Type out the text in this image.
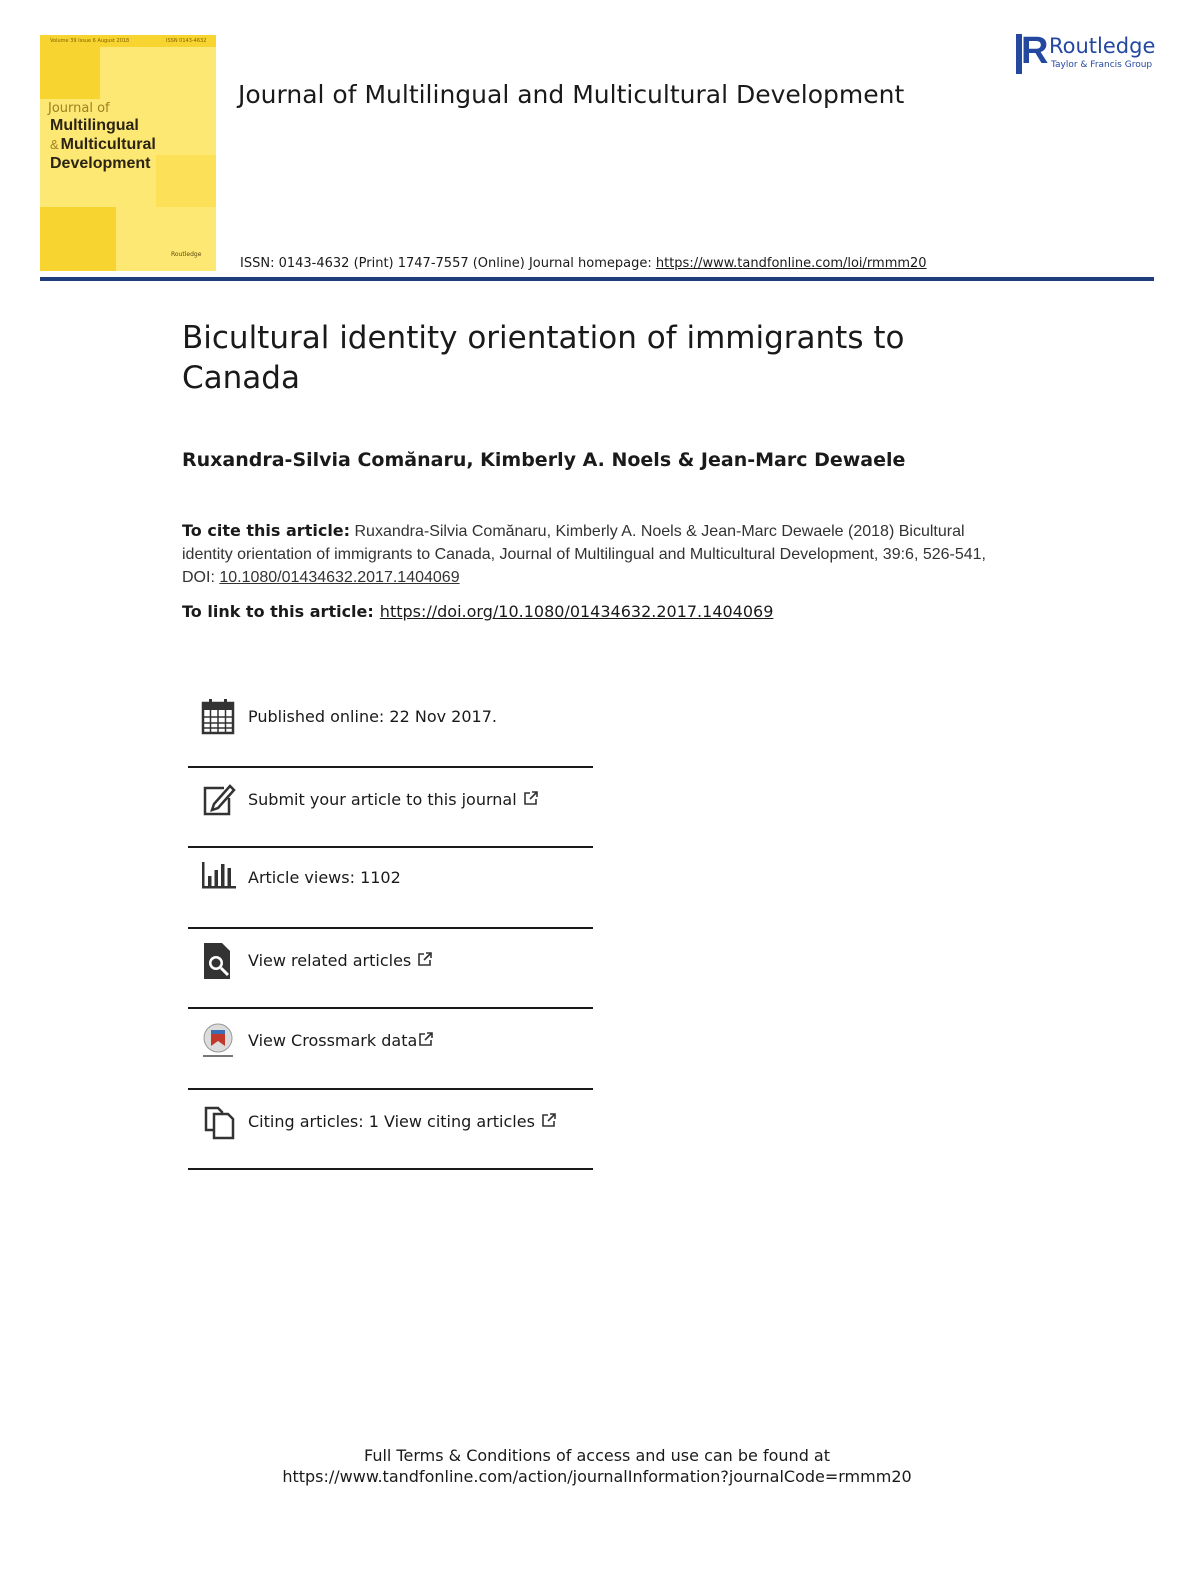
Volume 39 Issue 6 August 2018	ISSN 0143-4632
Journal of
Multilingual
& Multicultural
Development
Routledge
Journal of Multilingual and Multicultural Development
ISSN: 0143-4632 (Print) 1747-7557 (Online) Journal homepage: https://www.tandfonline.com/loi/rmmm20
R Routledge
Taylor & Francis Group
Bicultural identity orientation of immigrants to Canada
Ruxandra-Silvia Comănaru, Kimberly A. Noels & Jean-Marc Dewaele
To cite this article: Ruxandra-Silvia Comănaru, Kimberly A. Noels & Jean-Marc Dewaele (2018) Bicultural identity orientation of immigrants to Canada, Journal of Multilingual and Multicultural Development, 39:6, 526-541, DOI: 10.1080/01434632.2017.1404069
To link to this article: https://doi.org/10.1080/01434632.2017.1404069
Published online: 22 Nov 2017.
Submit your article to this journal
Article views: 1102
View related articles
View Crossmark data
Citing articles: 1 View citing articles
Full Terms & Conditions of access and use can be found at
https://www.tandfonline.com/action/journalInformation?journalCode=rmmm20
